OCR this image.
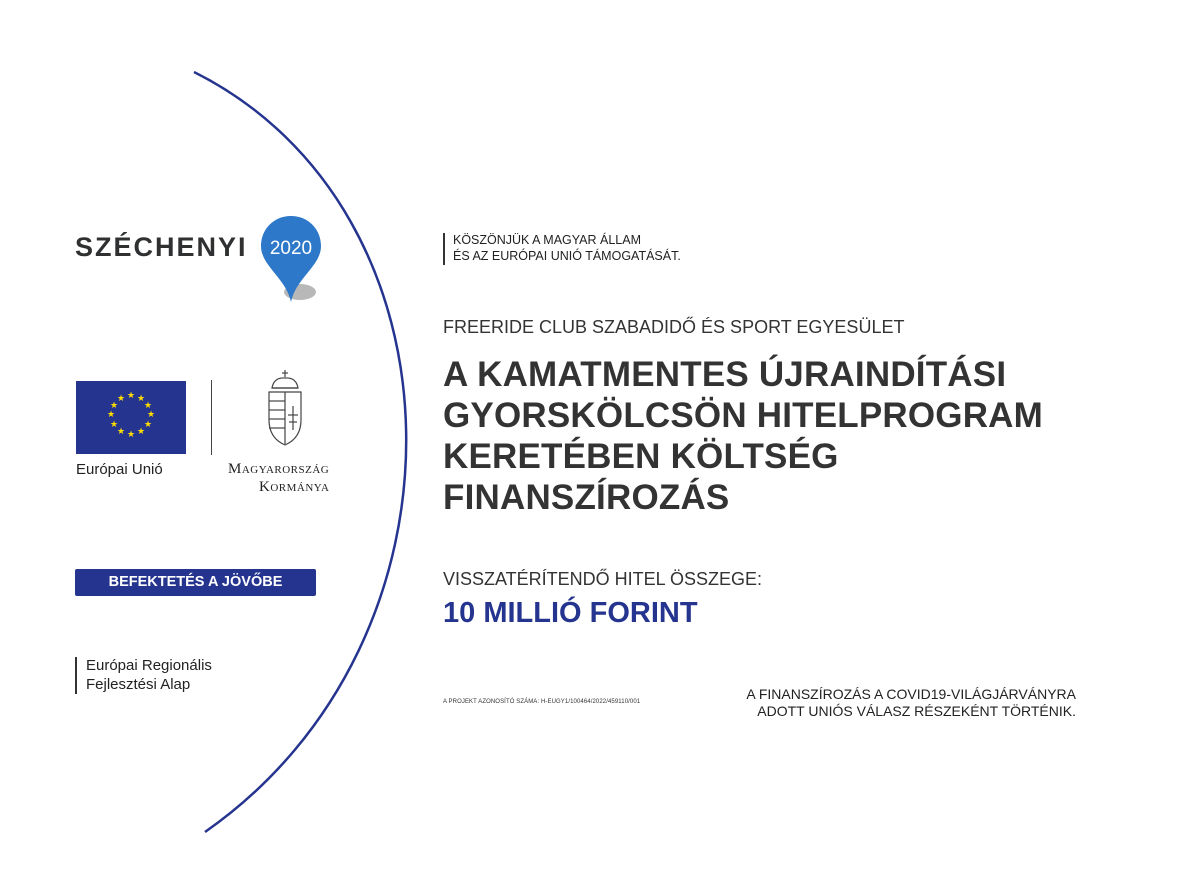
SZÉCHENYI 2020
★ ★
★
★
★
★
★
★
★
★
★
★
Európai Unió	Magyarország
Kormánya
BEFEKTETÉS A JÖVŐBE
Európai Regionális
Fejlesztési Alap
KÖSZÖNJÜK A MAGYAR ÁLLAM
ÉS AZ EURÓPAI UNIÓ TÁMOGATÁSÁT.
FREERIDE CLUB SZABADIDŐ ÉS SPORT EGYESÜLET
A KAMATMENTES ÚJRAINDÍTÁSI
GYORSKÖLCSÖN HITELPROGRAM
KERETÉBEN KÖLTSÉG
FINANSZÍROZÁS
VISSZATÉRÍTENDŐ HITEL ÖSSZEGE:
10 MILLIÓ FORINT
A PROJEKT AZONOSÍTÓ SZÁMA: H-EUGY1/100464/2022/459110/001	A FINANSZÍROZÁS A COVID19-VILÁGJÁRVÁNYRA
ADOTT UNIÓS VÁLASZ RÉSZEKÉNT TÖRTÉNIK.
